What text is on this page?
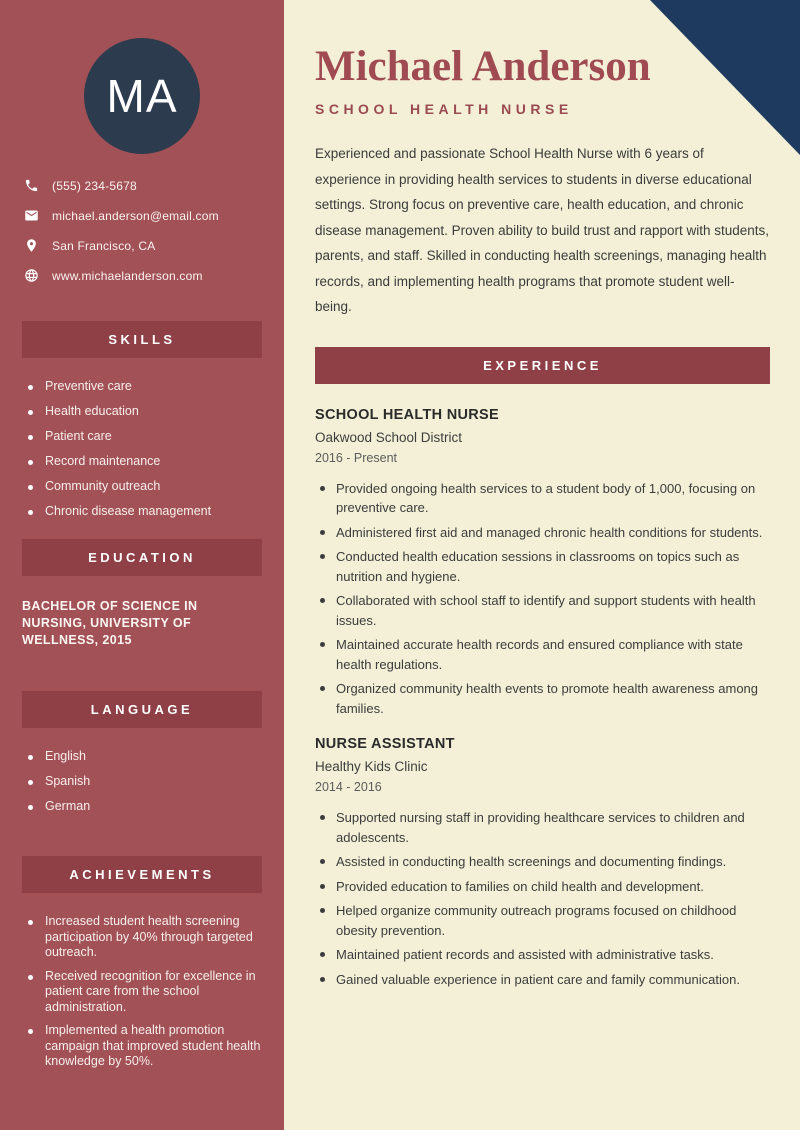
MA
(555) 234-5678
michael.anderson@email.com
San Francisco, CA
www.michaelanderson.com
SKILLS
Preventive care
Health education
Patient care
Record maintenance
Community outreach
Chronic disease management
EDUCATION
BACHELOR OF SCIENCE IN NURSING, UNIVERSITY OF WELLNESS, 2015
LANGUAGE
English
Spanish
German
ACHIEVEMENTS
Increased student health screening participation by 40% through targeted outreach.
Received recognition for excellence in patient care from the school administration.
Implemented a health promotion campaign that improved student health knowledge by 50%.
Michael Anderson
SCHOOL HEALTH NURSE

Experienced and passionate School Health Nurse with 6 years of experience in providing health services to students in diverse educational settings. Strong focus on preventive care, health education, and chronic disease management. Proven ability to build trust and rapport with students, parents, and staff. Skilled in conducting health screenings, managing health records, and implementing health programs that promote student well-being.

EXPERIENCE
SCHOOL HEALTH NURSE
Oakwood School District
2016 - Present
Provided ongoing health services to a student body of 1,000, focusing on preventive care.
Administered first aid and managed chronic health conditions for students.
Conducted health education sessions in classrooms on topics such as nutrition and hygiene.
Collaborated with school staff to identify and support students with health issues.
Maintained accurate health records and ensured compliance with state health regulations.
Organized community health events to promote health awareness among families.
NURSE ASSISTANT
Healthy Kids Clinic
2014 - 2016
Supported nursing staff in providing healthcare services to children and adolescents.
Assisted in conducting health screenings and documenting findings.
Provided education to families on child health and development.
Helped organize community outreach programs focused on childhood obesity prevention.
Maintained patient records and assisted with administrative tasks.
Gained valuable experience in patient care and family communication.
